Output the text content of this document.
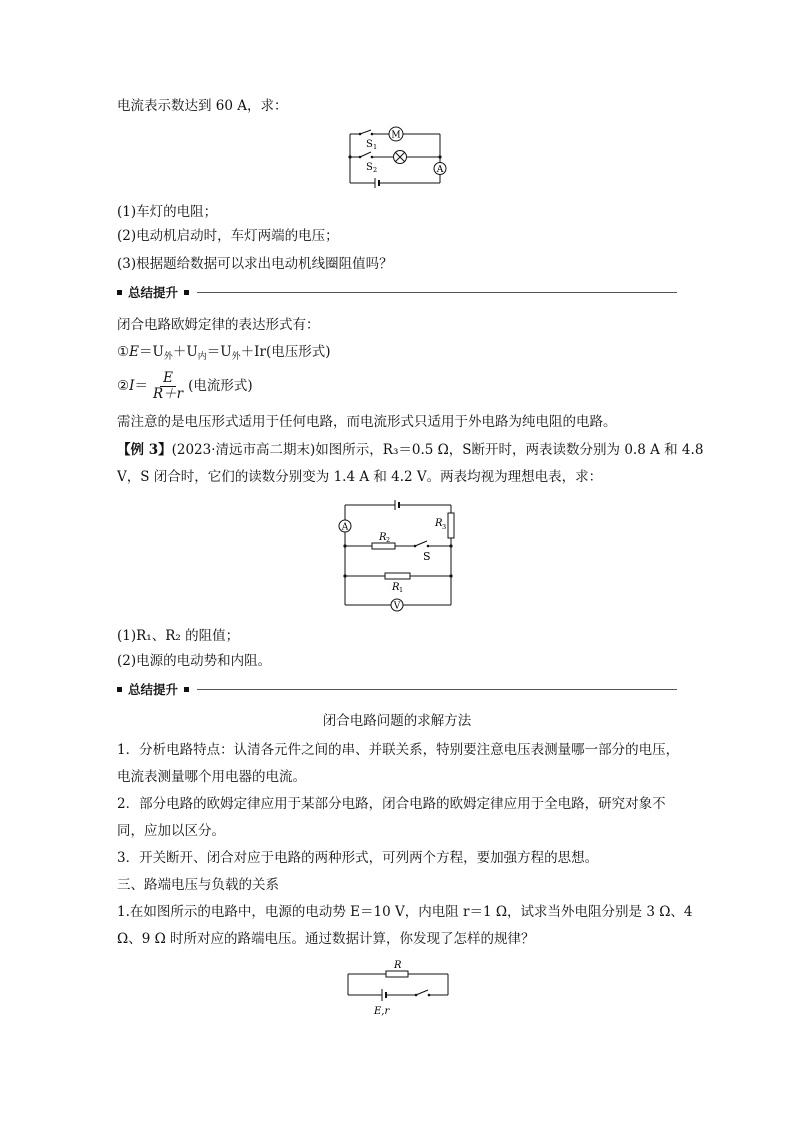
电流表示数达到 60 A，求：
M
A
S 1
S 2
(1)车灯的电阻；
(2)电动机启动时，车灯两端的电压；
(3)根据题给数据可以求出电动机线圈阻值吗？
总结提升
闭合电路欧姆定律的表达形式有：
$①E=U_外+U_内=U_外+Ir$(电压形式)
②I＝ $\frac{E}{R+r}$ (电流形式)
需注意的是电压形式适用于任何电路，而电流形式只适用于外电路为纯电阻的电路。
【例 3】(2023·清远市高二期末)如图所示，R₃＝0.5 Ω，S断开时，两表读数分别为 0.8 A 和 4.8
V，S 闭合时，它们的读数分别变为 1.4 A 和 4.2 V。两表均视为理想电表，求：
A
V
R 3
R 2
S
R 1
(1)R₁、R₂ 的阻值；
(2)电源的电动势和内阻。
总结提升
闭合电路问题的求解方法
1．分析电路特点：认清各元件之间的串、并联关系，特别要注意电压表测量哪一部分的电压，
电流表测量哪个用电器的电流。
2．部分电路的欧姆定律应用于某部分电路，闭合电路的欧姆定律应用于全电路，研究对象不
同，应加以区分。
3．开关断开、闭合对应于电路的两种形式，可列两个方程，要加强方程的思想。
三、路端电压与负载的关系
1.在如图所示的电路中，电源的电动势 E＝10 V，内电阻 r＝1 Ω，试求当外电阻分别是 3 Ω、4
Ω、9 Ω 时所对应的路端电压。通过数据计算，你发现了怎样的规律？
R
E,r
